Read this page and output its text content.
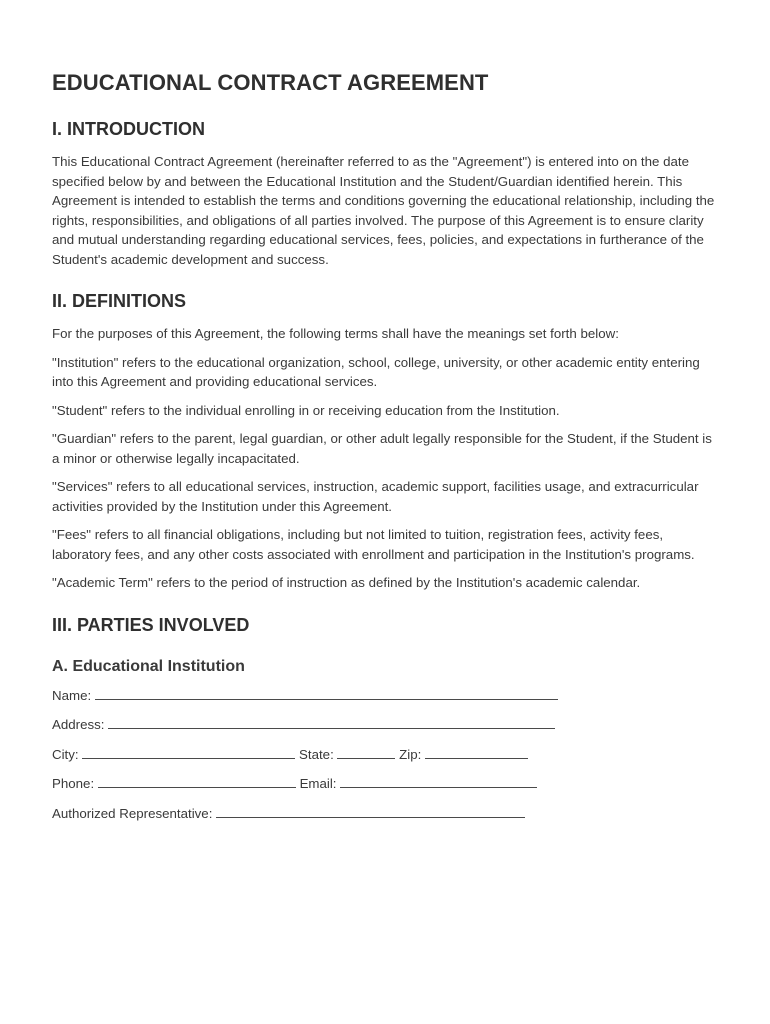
EDUCATIONAL CONTRACT AGREEMENT
I. INTRODUCTION

This Educational Contract Agreement (hereinafter referred to as the "Agreement") is entered into on the date specified below by and between the Educational Institution and the Student/Guardian identified herein. This Agreement is intended to establish the terms and conditions governing the educational relationship, including the rights, responsibilities, and obligations of all parties involved. The purpose of this Agreement is to ensure clarity and mutual understanding regarding educational services, fees, policies, and expectations in furtherance of the Student's academic development and success.

II. DEFINITIONS

For the purposes of this Agreement, the following terms shall have the meanings set forth below:

"Institution" refers to the educational organization, school, college, university, or other academic entity entering into this Agreement and providing educational services.

"Student" refers to the individual enrolling in or receiving education from the Institution.

"Guardian" refers to the parent, legal guardian, or other adult legally responsible for the Student, if the Student is a minor or otherwise legally incapacitated.

"Services" refers to all educational services, instruction, academic support, facilities usage, and extracurricular activities provided by the Institution under this Agreement.

"Fees" refers to all financial obligations, including but not limited to tuition, registration fees, activity fees, laboratory fees, and any other costs associated with enrollment and participation in the Institution's programs.

"Academic Term" refers to the period of instruction as defined by the Institution's academic calendar.

III. PARTIES INVOLVED
A. Educational Institution
Name:
Address:
City:	State:	Zip:
Phone:	Email:
Authorized Representative:
